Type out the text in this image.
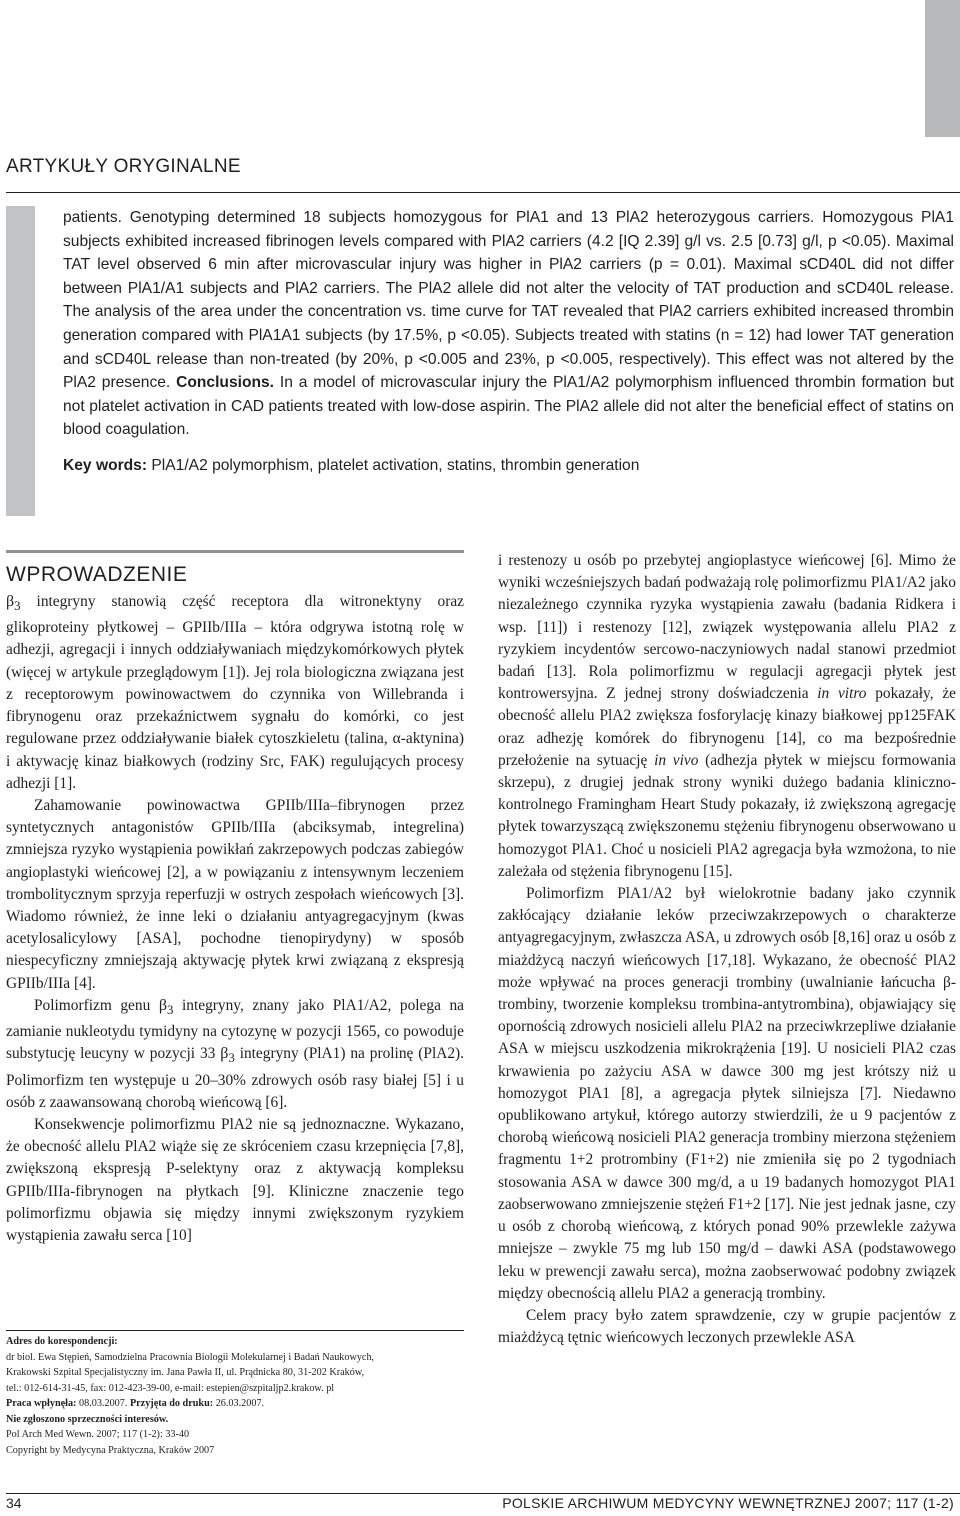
ARTYKUŁY ORYGINALNE

patients. Genotyping determined 18 subjects homozygous for PlA1 and 13 PlA2 heterozygous carriers. Homozygous PlA1 subjects exhibited increased fibrinogen levels compared with PlA2 carriers (4.2 [IQ 2.39] g/l vs. 2.5 [0.73] g/l, p <0.05). Maximal TAT level observed 6 min after microvascular injury was higher in PlA2 carriers (p = 0.01). Maximal sCD40L did not differ between PlA1/A1 subjects and PlA2 carriers. The PlA2 allele did not alter the velocity of TAT production and sCD40L release. The analysis of the area under the concentration vs. time curve for TAT revealed that PlA2 carriers exhibited increased thrombin generation compared with PlA1A1 subjects (by 17.5%, p <0.05). Subjects treated with statins (n = 12) had lower TAT generation and sCD40L release than non-treated (by 20%, p <0.005 and 23%, p <0.005, respectively). This effect was not altered by the PlA2 presence. Conclusions. In a model of microvascular injury the PlA1/A2 polymorphism influenced thrombin formation but not platelet activation in CAD patients treated with low-dose aspirin. The PlA2 allele did not alter the beneficial effect of statins on blood coagulation.

Key words: PlA1/A2 polymorphism, platelet activation, statins, thrombin generation

WPROWADZENIE

$\beta_3$ integryny stanowią część receptora dla witronektyny oraz glikoproteiny płytkowej – GPIIb/IIIa – która odgrywa istotną rolę w adhezji, agregacji i innych oddziaływaniach międzykomórkowych płytek (więcej w artykule przeglądowym [1]). Jej rola biologiczna związana jest z receptorowym powinowactwem do czynnika von Willebranda i fibrynogenu oraz przekaźnictwem sygnału do komórki, co jest regulowane przez oddziaływanie białek cytoszkieletu (talina, α-aktynina) i aktywację kinaz białkowych (rodziny Src, FAK) regulujących procesy adhezji [1].

Zahamowanie powinowactwa GPIIb/IIIa–fibrynogen przez syntetycznych antagonistów GPIIb/IIIa (abciksymab, integrelina) zmniejsza ryzyko wystąpienia powikłań zakrzepowych podczas zabiegów angioplastyki wieńcowej [2], a w powiązaniu z intensywnym leczeniem trombolitycznym sprzyja reperfuzji w ostrych zespołach wieńcowych [3]. Wiadomo również, że inne leki o działaniu antyagregacyjnym (kwas acetylosalicylowy [ASA], pochodne tienopirydyny) w sposób niespecyficzny zmniejszają aktywację płytek krwi związaną z ekspresją GPIIb/IIIa [4].

Polimorfizm genu $\beta_3$ integryny, znany jako PlA1/A2, polega na zamianie nukleotydu tymidyny na cytozynę w pozycji 1565, co powoduje substytucję leucyny w pozycji 33 $\beta_3$ integryny (PlA1) na prolinę (PlA2). Polimorfizm ten występuje u 20–30% zdrowych osób rasy białej [5] i u osób z zaawansowaną chorobą wieńcową [6].

Konsekwencje polimorfizmu PlA2 nie są jednoznaczne. Wykazano, że obecność allelu PlA2 wiąże się ze skróceniem czasu krzepnięcia [7,8], zwiększoną ekspresją P-selektyny oraz z aktywacją kompleksu GPIIb/IIIa-fibrynogen na płytkach [9]. Kliniczne znaczenie tego polimorfizmu objawia się między innymi zwiększonym ryzykiem wystąpienia zawału serca [10]

Adres do korespondencji:
dr biol. Ewa Stępień, Samodzielna Pracownia Biologii Molekularnej i Badań Naukowych,
Krakowski Szpital Specjalistyczny im. Jana Pawła II, ul. Prądnicka 80, 31-202 Kraków,
tel.: 012-614-31-45, fax: 012-423-39-00, e-mail: estepien@szpitaljp2.krakow. pl
Praca wpłynęła: 08.03.2007. Przyjęta do druku: 26.03.2007.
Nie zgłoszono sprzeczności interesów.
Pol Arch Med Wewn. 2007; 117 (1-2): 33-40
Copyright by Medycyna Praktyczna, Kraków 2007

i restenozy u osób po przebytej angioplastyce wieńcowej [6]. Mimo że wyniki wcześniejszych badań podważają rolę polimorfizmu PlA1/A2 jako niezależnego czynnika ryzyka wystąpienia zawału (badania Ridkera i wsp. [11]) i restenozy [12], związek występowania allelu PlA2 z ryzykiem incydentów sercowo-naczyniowych nadal stanowi przedmiot badań [13]. Rola polimorfizmu w regulacji agregacji płytek jest kontrowersyjna. Z jednej strony doświadczenia in vitro pokazały, że obecność allelu PlA2 zwiększa fosforylację kinazy białkowej pp125FAK oraz adhezję komórek do fibrynogenu [14], co ma bezpośrednie przełożenie na sytuację in vivo (adhezja płytek w miejscu formowania skrzepu), z drugiej jednak strony wyniki dużego badania kliniczno-kontrolnego Framingham Heart Study pokazały, iż zwiększoną agregację płytek towarzyszącą zwiększonemu stężeniu fibrynogenu obserwowano u homozygot PlA1. Choć u nosicieli PlA2 agregacja była wzmożona, to nie zależała od stężenia fibrynogenu [15].

Polimorfizm PlA1/A2 był wielokrotnie badany jako czynnik zakłócający działanie leków przeciwzakrzepowych o charakterze antyagregacyjnym, zwłaszcza ASA, u zdrowych osób [8,16] oraz u osób z miażdżycą naczyń wieńcowych [17,18]. Wykazano, że obecność PlA2 może wpływać na proces generacji trombiny (uwalnianie łańcucha β-trombiny, tworzenie kompleksu trombina-antytrombina), objawiający się opornością zdrowych nosicieli allelu PlA2 na przeciwkrzepliwe działanie ASA w miejscu uszkodzenia mikrokrążenia [19]. U nosicieli PlA2 czas krwawienia po zażyciu ASA w dawce 300 mg jest krótszy niż u homozygot PlA1 [8], a agregacja płytek silniejsza [7]. Niedawno opublikowano artykuł, którego autorzy stwierdzili, że u 9 pacjentów z chorobą wieńcową nosicieli PlA2 generacja trombiny mierzona stężeniem fragmentu 1+2 protrombiny (F1+2) nie zmieniła się po 2 tygodniach stosowania ASA w dawce 300 mg/d, a u 19 badanych homozygot PlA1 zaobserwowano zmniejszenie stężeń F1+2 [17]. Nie jest jednak jasne, czy u osób z chorobą wieńcową, z których ponad 90% przewlekle zażywa mniejsze – zwykle 75 mg lub 150 mg/d – dawki ASA (podstawowego leku w prewencji zawału serca), można zaobserwować podobny związek między obecnością allelu PlA2 a generacją trombiny.

Celem pracy było zatem sprawdzenie, czy w grupie pacjentów z miażdżycą tętnic wieńcowych leczonych przewlekle ASA

34	POLSKIE ARCHIWUM MEDYCYNY WEWNĘTRZNEJ 2007; 117 (1-2)
